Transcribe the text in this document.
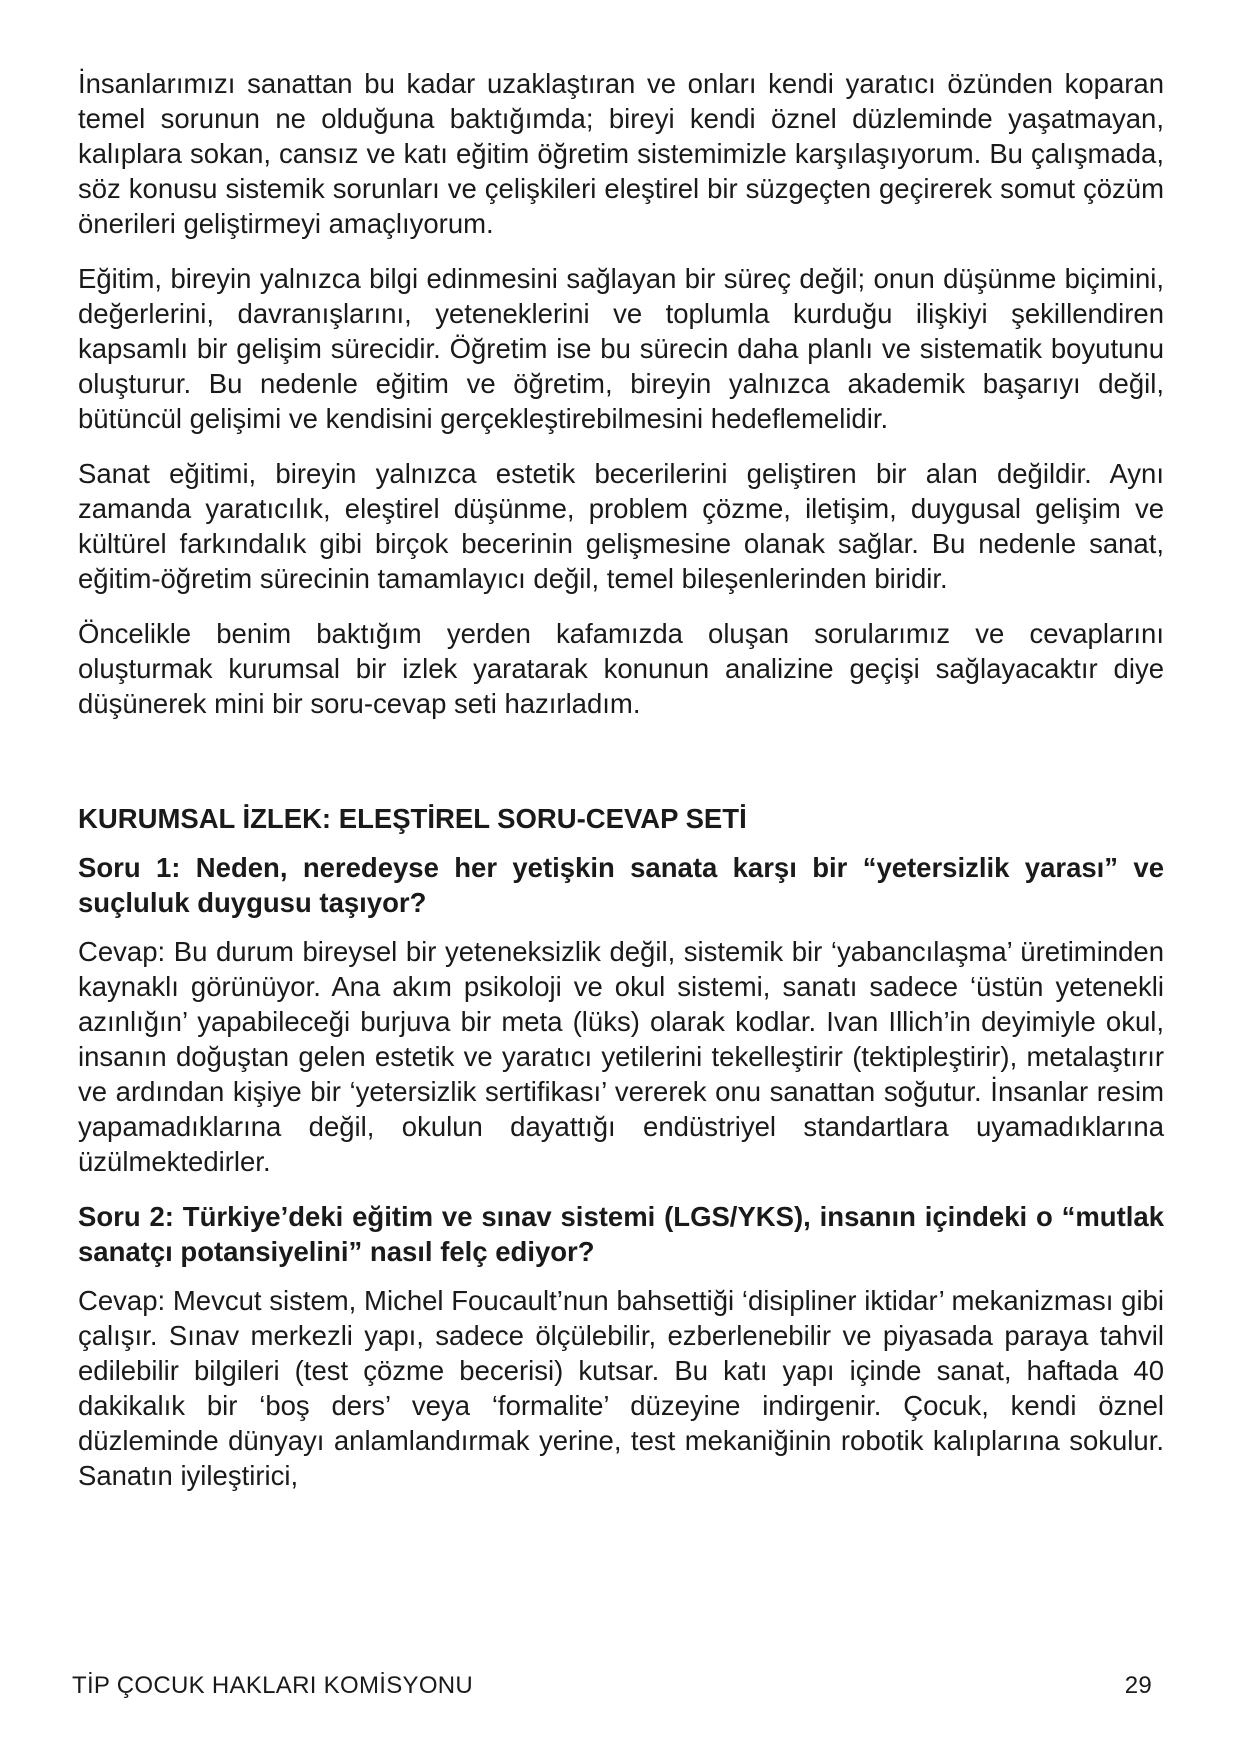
İnsanlarımızı sanattan bu kadar uzaklaştıran ve onları kendi yaratıcı özünden koparan temel sorunun ne olduğuna baktığımda; bireyi kendi öznel düzleminde yaşatmayan, kalıplara sokan, cansız ve katı eğitim öğretim sistemimizle karşılaşıyorum. Bu çalışmada, söz konusu sistemik sorunları ve çelişkileri eleştirel bir süzgeçten geçirerek somut çözüm önerileri geliştirmeyi amaçlıyorum.

Eğitim, bireyin yalnızca bilgi edinmesini sağlayan bir süreç değil; onun düşünme biçimini, değerlerini, davranışlarını, yeteneklerini ve toplumla kurduğu ilişkiyi şekillendiren kapsamlı bir gelişim sürecidir. Öğretim ise bu sürecin daha planlı ve sistematik boyutunu oluşturur. Bu nedenle eğitim ve öğretim, bireyin yalnızca akademik başarıyı değil, bütüncül gelişimi ve kendisini gerçekleştirebilmesini hedeflemelidir.

Sanat eğitimi, bireyin yalnızca estetik becerilerini geliştiren bir alan değildir. Aynı zamanda yaratıcılık, eleştirel düşünme, problem çözme, iletişim, duygusal gelişim ve kültürel farkındalık gibi birçok becerinin gelişmesine olanak sağlar. Bu nedenle sanat, eğitim-öğretim sürecinin tamamlayıcı değil, temel bileşenlerinden biridir.

Öncelikle benim baktığım yerden kafamızda oluşan sorularımız ve cevaplarını oluşturmak kurumsal bir izlek yaratarak konunun analizine geçişi sağlayacaktır diye düşünerek mini bir soru-cevap seti hazırladım.

KURUMSAL İZLEK: ELEŞTİREL SORU-CEVAP SETİ

Soru 1: Neden, neredeyse her yetişkin sanata karşı bir “yetersizlik yarası” ve suçluluk duygusu taşıyor?

Cevap: Bu durum bireysel bir yeteneksizlik değil, sistemik bir ‘yabancılaşma’ üretiminden kaynaklı görünüyor. Ana akım psikoloji ve okul sistemi, sanatı sadece ‘üstün yetenekli azınlığın’ yapabileceği burjuva bir meta (lüks) olarak kodlar. Ivan Illich’in deyimiyle okul, insanın doğuştan gelen estetik ve yaratıcı yetilerini tekelleştirir (tektipleştirir), metalaştırır ve ardından kişiye bir ‘yetersizlik sertifikası’ vererek onu sanattan soğutur. İnsanlar resim yapamadıklarına değil, okulun dayattığı endüstriyel standartlara uyamadıklarına üzülmektedirler.

Soru 2: Türkiye’deki eğitim ve sınav sistemi (LGS/YKS), insanın içindeki o “mutlak sanatçı potansiyelini” nasıl felç ediyor?

Cevap: Mevcut sistem, Michel Foucault’nun bahsettiği ‘disipliner iktidar’ mekanizması gibi çalışır. Sınav merkezli yapı, sadece ölçülebilir, ezberlenebilir ve piyasada paraya tahvil edilebilir bilgileri (test çözme becerisi) kutsar. Bu katı yapı içinde sanat, haftada 40 dakikalık bir ‘boş ders’ veya ‘formalite’ düzeyine indirgenir. Çocuk, kendi öznel düzleminde dünyayı anlamlandırmak yerine, test mekaniğinin robotik kalıplarına sokulur. Sanatın iyileştirici,

TİP ÇOCUK HAKLARI KOMİSYONU	29
